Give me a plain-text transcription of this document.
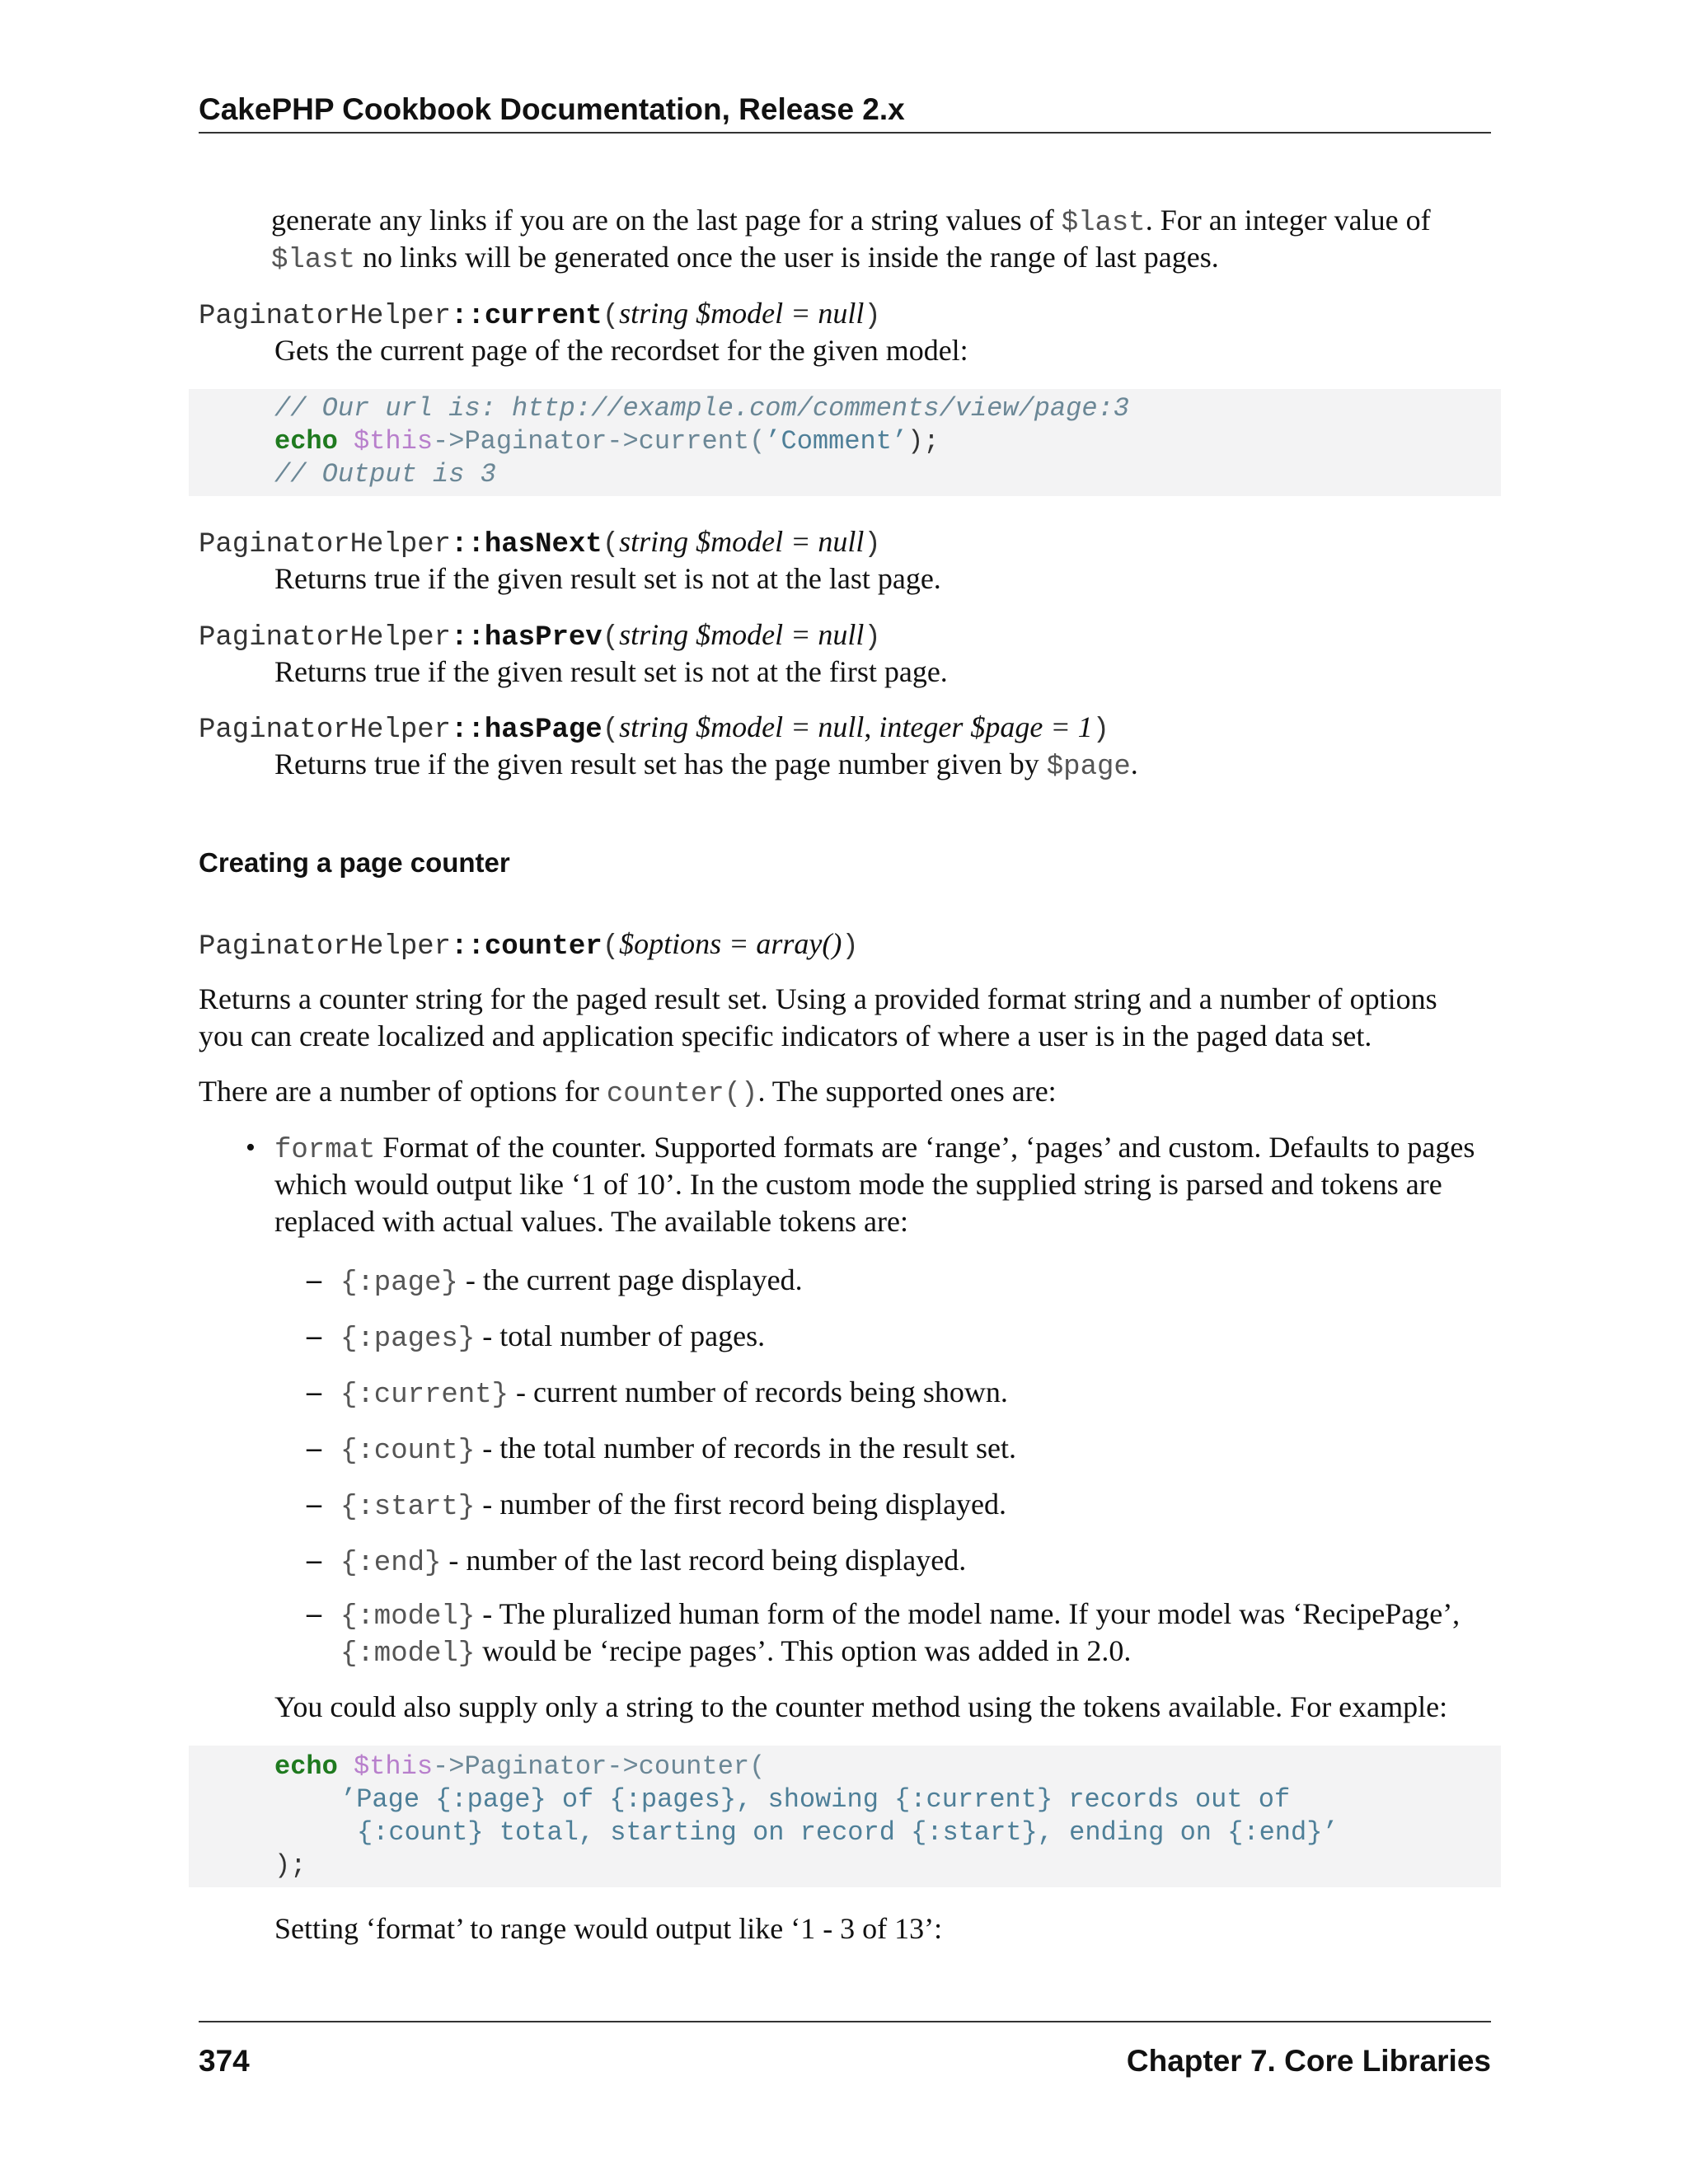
CakePHP Cookbook Documentation, Release 2.x
generate any links if you are on the last page for a string values of $last. For an integer value of
$last no links will be generated once the user is inside the range of last pages.
PaginatorHelper::current(string $model = null)
Gets the current page of the recordset for the given model:
// Our url is: http://example.com/comments/view/page:3
echo $this->Paginator->current(’Comment’);
// Output is 3
PaginatorHelper::hasNext(string $model = null)
Returns true if the given result set is not at the last page.
PaginatorHelper::hasPrev(string $model = null)
Returns true if the given result set is not at the first page.
PaginatorHelper::hasPage(string $model = null, integer $page = 1)
Returns true if the given result set has the page number given by $page.
Creating a page counter
PaginatorHelper::counter($options = array())
Returns a counter string for the paged result set. Using a provided format string and a number of options
you can create localized and application specific indicators of where a user is in the paged data set.
There are a number of options for counter(). The supported ones are:
• format Format of the counter. Supported formats are ‘range’, ‘pages’ and custom. Defaults to pages
which would output like ‘1 of 10’. In the custom mode the supplied string is parsed and tokens are
replaced with actual values. The available tokens are:
– {:page} - the current page displayed.
– {:pages} - total number of pages.
– {:current} - current number of records being shown.
– {:count} - the total number of records in the result set.
– {:start} - number of the first record being displayed.
– {:end} - number of the last record being displayed.
– {:model} - The pluralized human form of the model name. If your model was ‘RecipePage’,
{:model} would be ‘recipe pages’. This option was added in 2.0.
You could also supply only a string to the counter method using the tokens available. For example:
echo $this->Paginator->counter(
’Page {:page} of {:pages}, showing {:current} records out of
{:count} total, starting on record {:start}, ending on {:end}’
);
Setting ‘format’ to range would output like ‘1 - 3 of 13’:
374	Chapter 7. Core Libraries
